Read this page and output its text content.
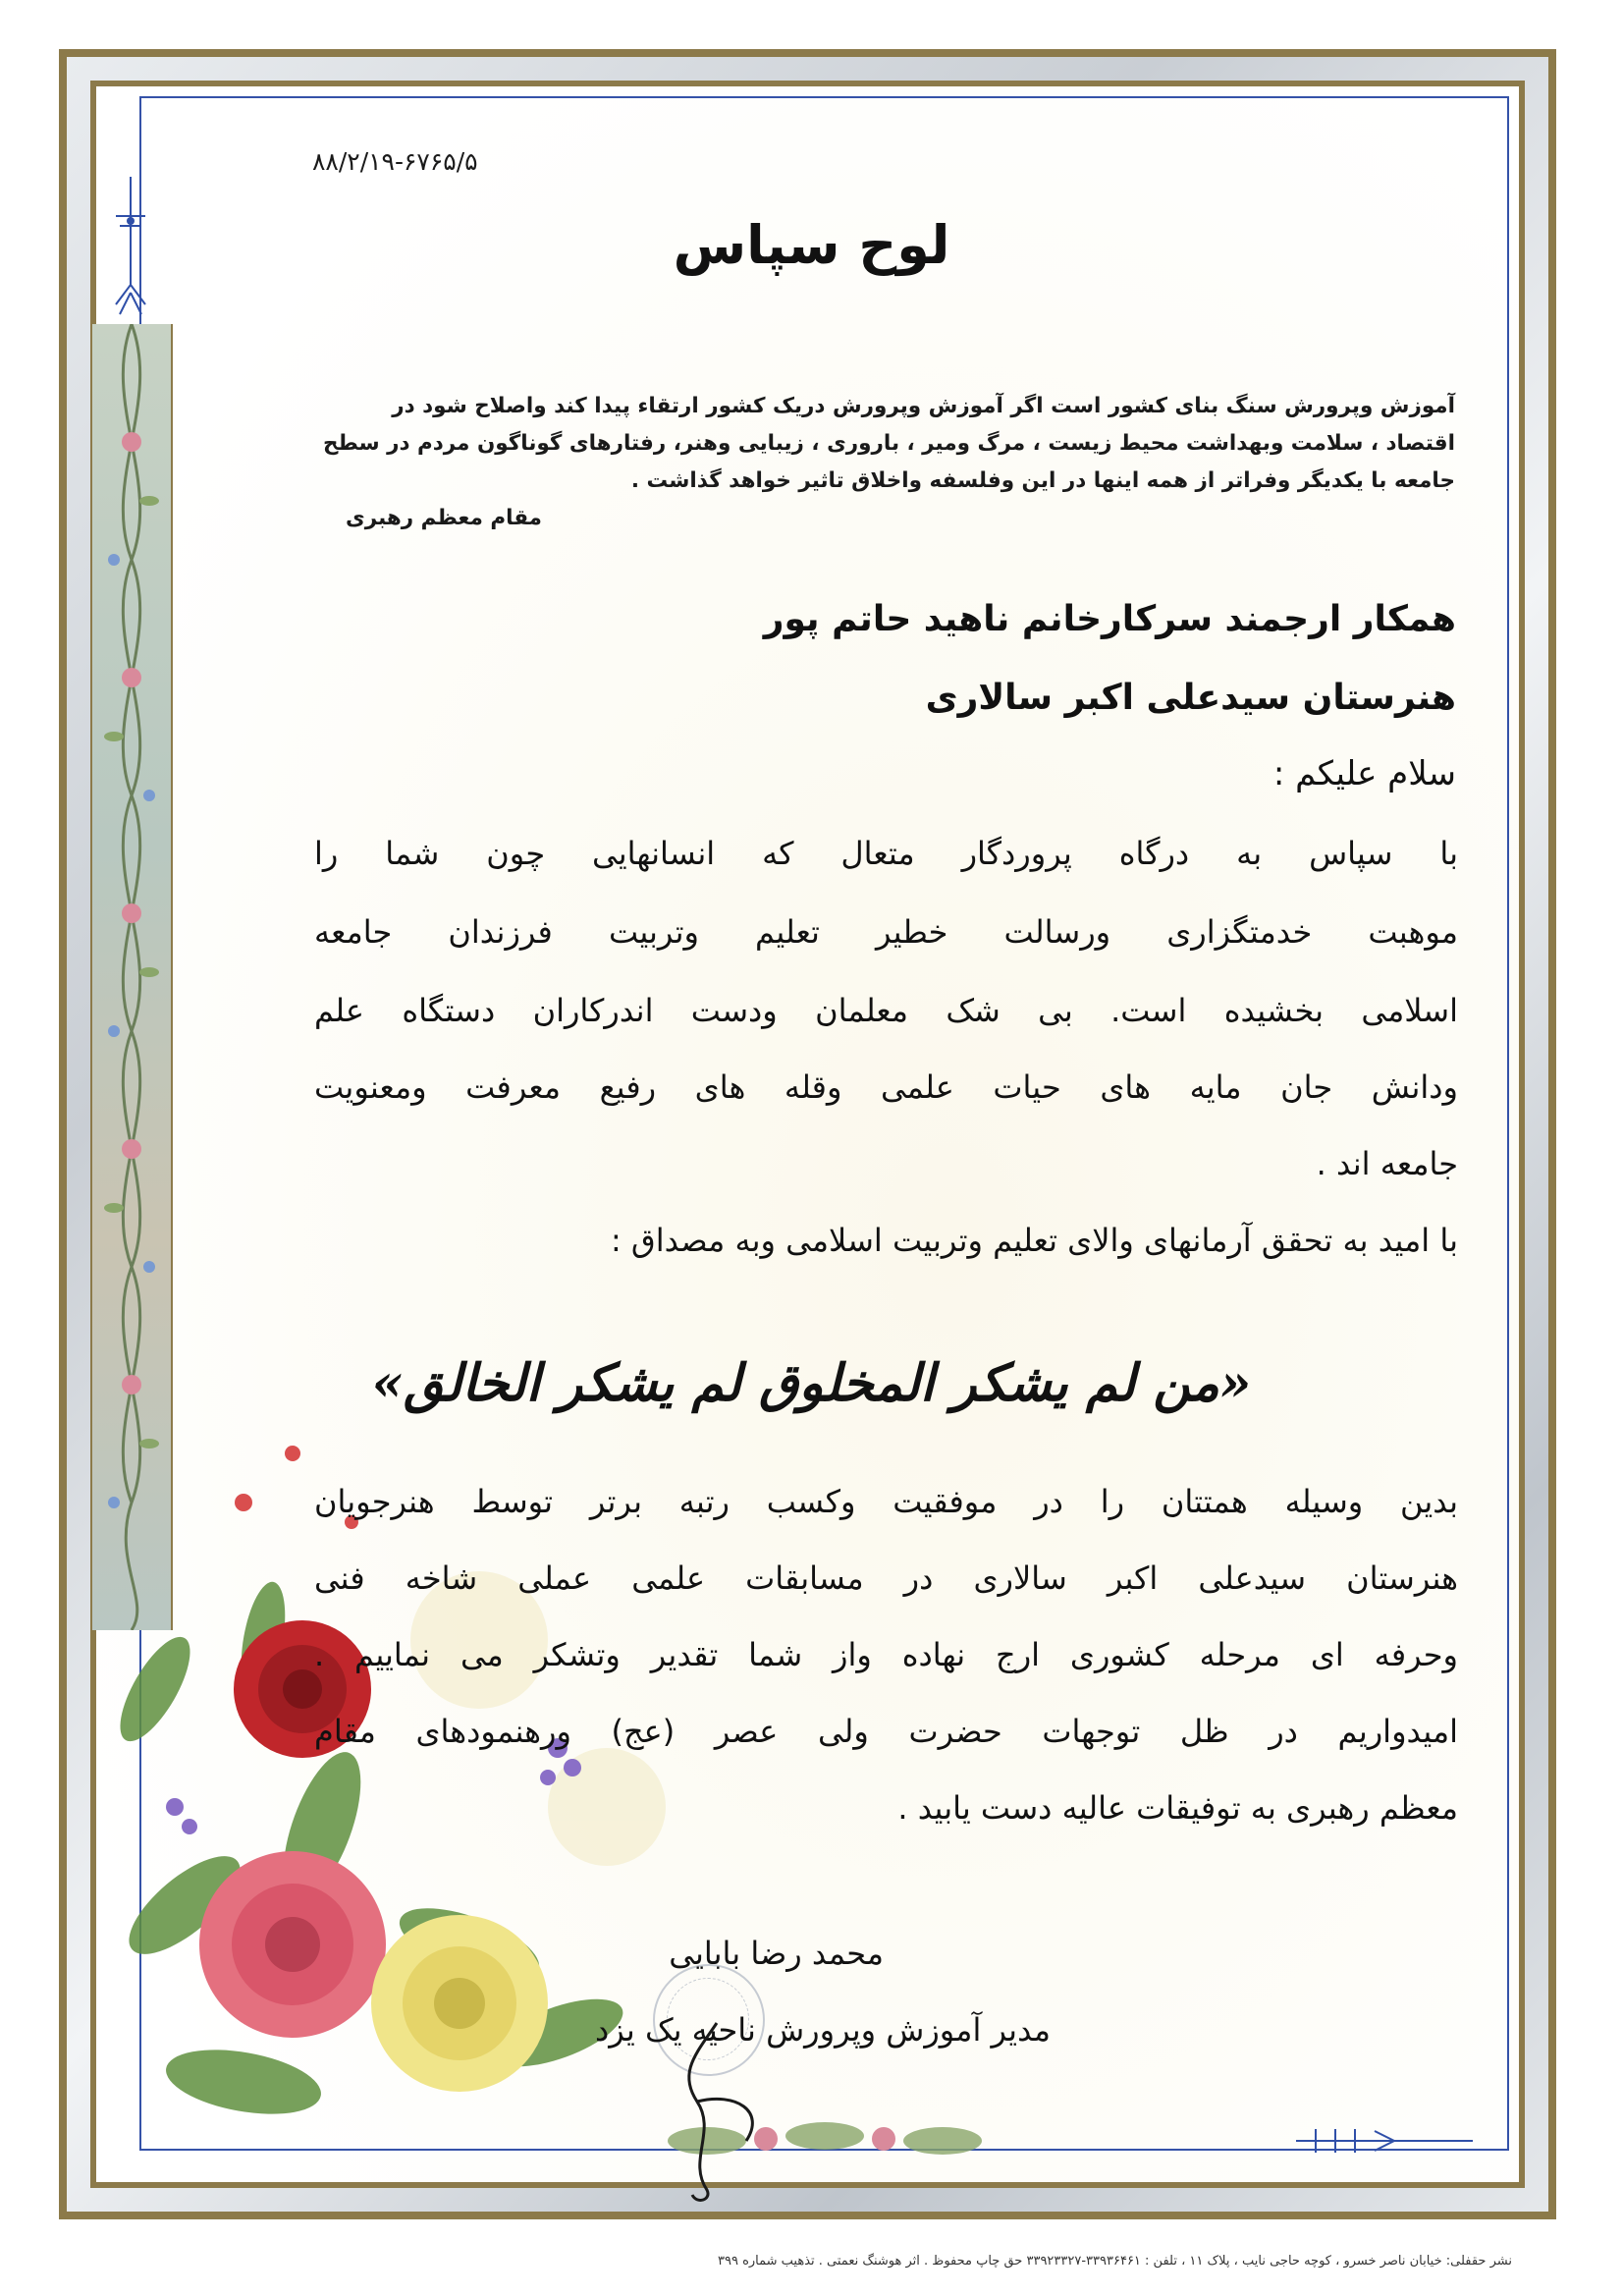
۸۸/۲/۱۹-۶۷۶۵/۵
لوح سپاس
آموزش وپرورش سنگ بنای کشور است اگر آموزش وپرورش دریک کشور ارتقاء پیدا کند واصلاح شود در
اقتصاد ، سلامت وبهداشت محیط زیست ، مرگ ومیر ، باروری ، زیبایی وهنر، رفتارهای گوناگون مردم در سطح
جامعه با یکدیگر وفراتر از همه اینها در این وفلسفه واخلاق تاثیر خواهد گذاشت .
مقام معظم رهبری
همکار ارجمند سرکارخانم ناهید حاتم پور
هنرستان سیدعلی اکبر سالاری
سلام علیکم :
با سپاس به درگاه پروردگار متعال که انسانهایی چون شما را
موهبت خدمتگزاری ورسالت خطیر تعلیم وتربیت فرزندان جامعه
اسلامی بخشیده است. بی شک معلمان ودست اندرکاران دستگاه علم
ودانش جان مایه های حیات علمی وقله های رفیع معرفت ومعنویت
جامعه اند .
با امید به تحقق آرمانهای والای تعلیم وتربیت اسلامی وبه مصداق :
«من لم یشکر المخلوق لم یشکر الخالق»
بدین وسیله همتتان را در موفقیت وکسب رتبه برتر توسط هنرجویان
هنرستان سیدعلی اکبر سالاری در مسابقات علمی عملی شاخه فنی
وحرفه ای مرحله کشوری ارج نهاده واز شما تقدیر وتشکر می نماییم .
امیدواریم در ظل توجهات حضرت ولی عصر (عج) ورهنمودهای مقام
معظم رهبری به توفیقات عالیه دست یابید .
محمد رضا بابایی
مدیر آموزش وپرورش ناحیه یک یزد
نشر حقفلی: خیابان ناصر خسرو ، کوچه حاجی نایب ، پلاک ۱۱ ، تلفن : ۳۳۹۳۶۴۶۱-۳۳۹۲۳۳۲۷ حق چاپ محفوظ . اثر هوشنگ نعمتی . تذهیب شماره ۳۹۹
